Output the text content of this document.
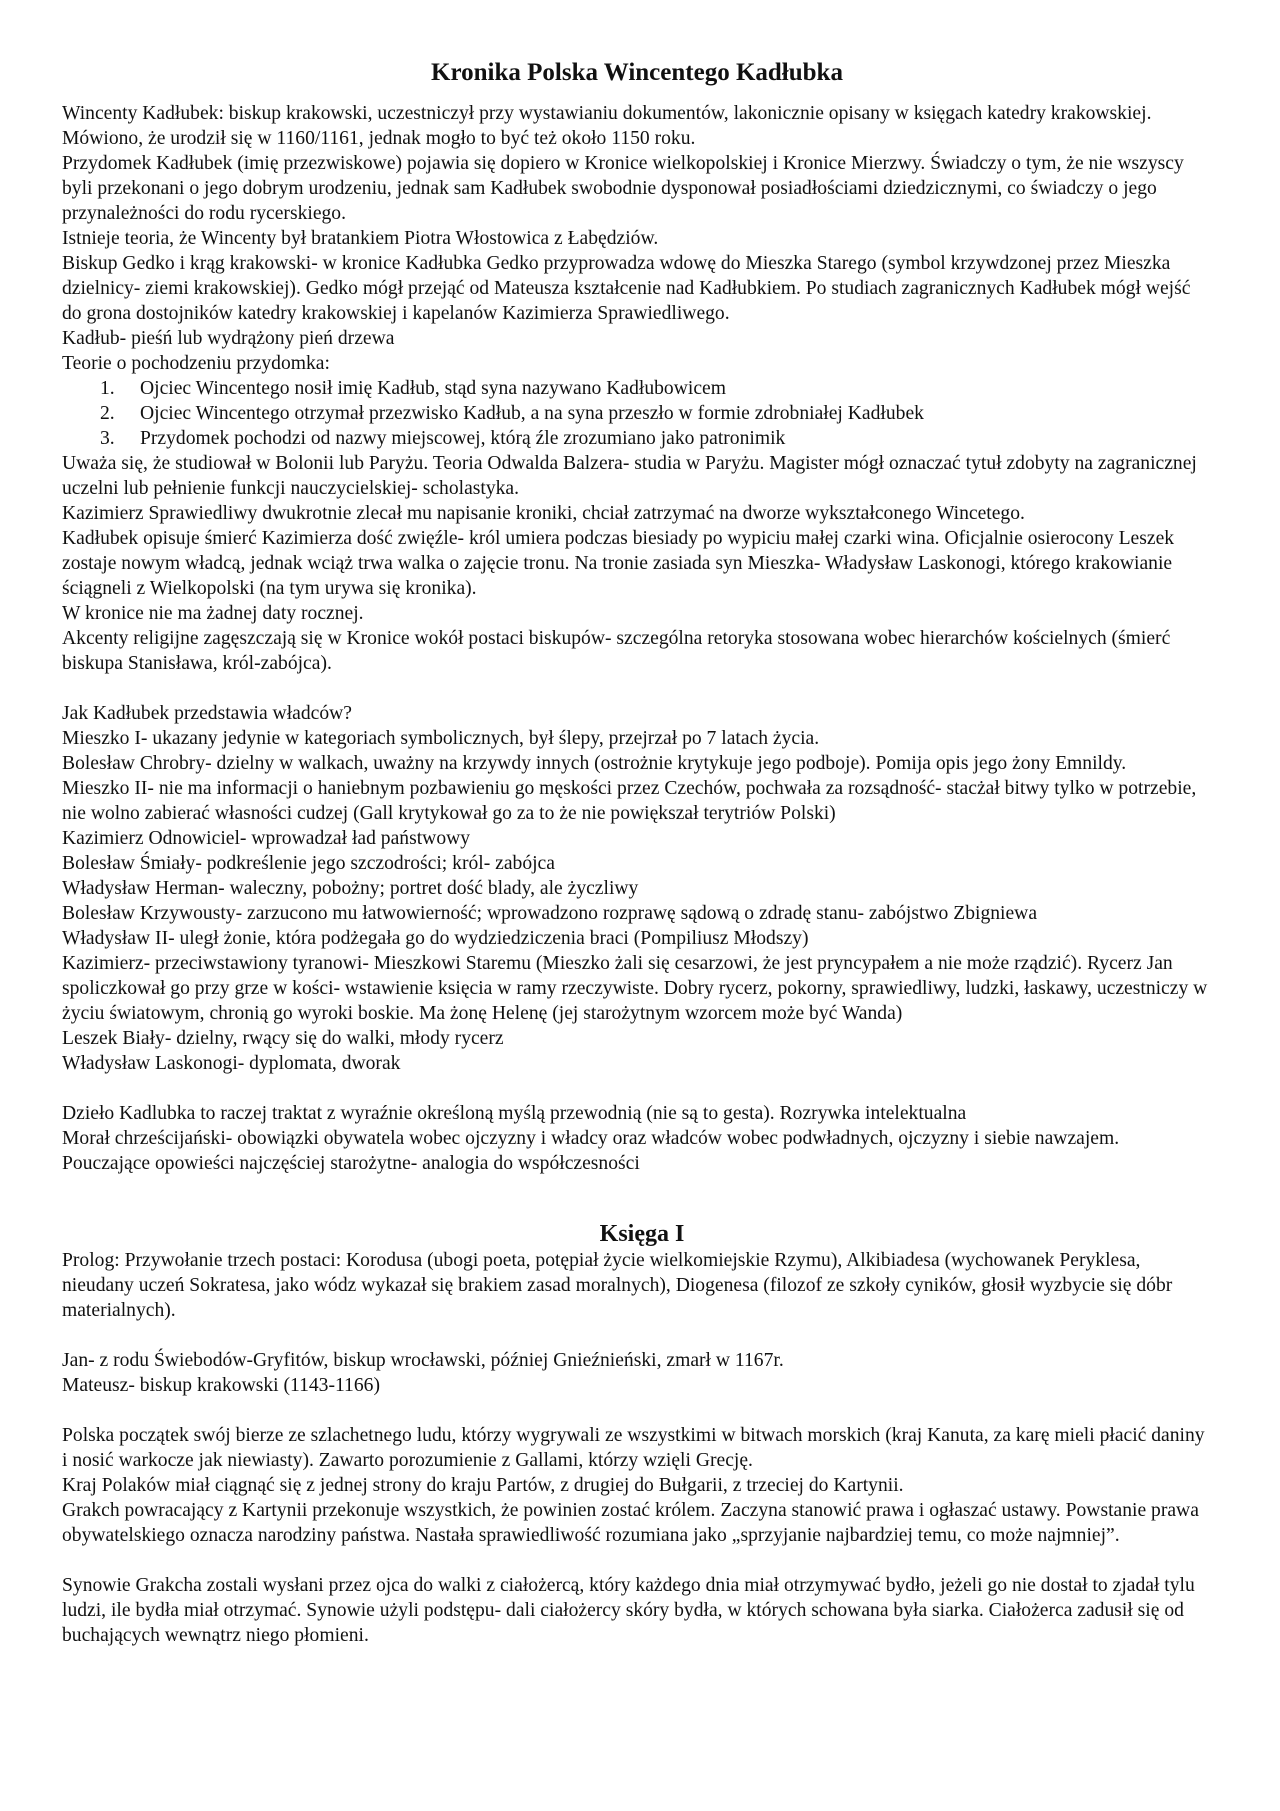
Kronika Polska Wincentego Kadłubka

Wincenty Kadłubek: biskup krakowski, uczestniczył przy wystawianiu dokumentów, lakonicznie opisany w księgach katedry krakowskiej. Mówiono, że urodził się w 1160/1161, jednak mogło to być też około 1150 roku.

Przydomek Kadłubek (imię przezwiskowe) pojawia się dopiero w Kronice wielkopolskiej i Kronice Mierzwy. Świadczy o tym, że nie wszyscy byli przekonani o jego dobrym urodzeniu, jednak sam Kadłubek swobodnie dysponował posiadłościami dziedzicznymi, co świadczy o jego przynależności do rodu rycerskiego.

Istnieje teoria, że Wincenty był bratankiem Piotra Włostowica z Łabędziów.

Biskup Gedko i krąg krakowski- w kronice Kadłubka Gedko przyprowadza wdowę do Mieszka Starego (symbol krzywdzonej przez Mieszka dzielnicy- ziemi krakowskiej). Gedko mógł przejąć od Mateusza kształcenie nad Kadłubkiem. Po studiach zagranicznych Kadłubek mógł wejść do grona dostojników katedry krakowskiej i kapelanów Kazimierza Sprawiedliwego.

Kadłub- pieśń lub wydrążony pień drzewa

Teorie o pochodzeniu przydomka:

1. Ojciec Wincentego nosił imię Kadłub, stąd syna nazywano Kadłubowicem
2. Ojciec Wincentego otrzymał przezwisko Kadłub, a na syna przeszło w formie zdrobniałej Kadłubek
3. Przydomek pochodzi od nazwy miejscowej, którą źle zrozumiano jako patronimik

Uważa się, że studiował w Bolonii lub Paryżu. Teoria Odwalda Balzera- studia w Paryżu. Magister mógł oznaczać tytuł zdobyty na zagranicznej uczelni lub pełnienie funkcji nauczycielskiej- scholastyka.

Kazimierz Sprawiedliwy dwukrotnie zlecał mu napisanie kroniki, chciał zatrzymać na dworze wykształconego Wincetego.

Kadłubek opisuje śmierć Kazimierza dość zwięźle- król umiera podczas biesiady po wypiciu małej czarki wina. Oficjalnie osierocony Leszek zostaje nowym władcą, jednak wciąż trwa walka o zajęcie tronu. Na tronie zasiada syn Mieszka- Władysław Laskonogi, którego krakowianie ściągneli z Wielkopolski (na tym urywa się kronika).

W kronice nie ma żadnej daty rocznej.

Akcenty religijne zagęszczają się w Kronice wokół postaci biskupów- szczególna retoryka stosowana wobec hierarchów kościelnych (śmierć biskupa Stanisława, król-zabójca).

Jak Kadłubek przedstawia władców?

Mieszko I- ukazany jedynie w kategoriach symbolicznych, był ślepy, przejrzał po 7 latach życia.

Bolesław Chrobry- dzielny w walkach, uważny na krzywdy innych (ostrożnie krytykuje jego podboje). Pomija opis jego żony Emnildy.

Mieszko II- nie ma informacji o haniebnym pozbawieniu go męskości przez Czechów, pochwała za rozsądność- stacżał bitwy tylko w potrzebie, nie wolno zabierać własności cudzej (Gall krytykował go za to że nie powiększał terytriów Polski)

Kazimierz Odnowiciel- wprowadzał ład państwowy

Bolesław Śmiały- podkreślenie jego szczodrości; król- zabójca

Władysław Herman- waleczny, pobożny; portret dość blady, ale życzliwy

Bolesław Krzywousty- zarzucono mu łatwowierność; wprowadzono rozprawę sądową o zdradę stanu- zabójstwo Zbigniewa

Władysław II- uległ żonie, która podżegała go do wydziedziczenia braci (Pompiliusz Młodszy)

Kazimierz- przeciwstawiony tyranowi- Mieszkowi Staremu (Mieszko żali się cesarzowi, że jest pryncypałem a nie może rządzić). Rycerz Jan spoliczkował go przy grze w kości- wstawienie księcia w ramy rzeczywiste. Dobry rycerz, pokorny, sprawiedliwy, ludzki, łaskawy, uczestniczy w życiu światowym, chronią go wyroki boskie. Ma żonę Helenę (jej starożytnym wzorcem może być Wanda)

Leszek Biały- dzielny, rwący się do walki, młody rycerz

Władysław Laskonogi- dyplomata, dworak

Dzieło Kadlubka to raczej traktat z wyraźnie określoną myślą przewodnią (nie są to gesta). Rozrywka intelektualna

Morał chrześcijański- obowiązki obywatela wobec ojczyzny i władcy oraz władców wobec podwładnych, ojczyzny i siebie nawzajem. Pouczające opowieści najczęściej starożytne- analogia do współczesności

Księga I

Prolog: Przywołanie trzech postaci: Korodusa (ubogi poeta, potępiał życie wielkomiejskie Rzymu), Alkibiadesa (wychowanek Peryklesa, nieudany uczeń Sokratesa, jako wódz wykazał się brakiem zasad moralnych), Diogenesa (filozof ze szkoły cyników, głosił wyzbycie się dóbr materialnych).

Jan- z rodu Świebodów-Gryfitów, biskup wrocławski, później Gnieźnieński, zmarł w 1167r.

Mateusz- biskup krakowski (1143-1166)

Polska początek swój bierze ze szlachetnego ludu, którzy wygrywali ze wszystkimi w bitwach morskich (kraj Kanuta, za karę mieli płacić daniny i nosić warkocze jak niewiasty). Zawarto porozumienie z Gallami, którzy wzięli Grecję.

Kraj Polaków miał ciągnąć się z jednej strony do kraju Partów, z drugiej do Bułgarii, z trzeciej do Kartynii.

Grakch powracający z Kartynii przekonuje wszystkich, że powinien zostać królem. Zaczyna stanowić prawa i ogłaszać ustawy. Powstanie prawa obywatelskiego oznacza narodziny państwa. Nastała sprawiedliwość rozumiana jako „sprzyjanie najbardziej temu, co może najmniej”.

Synowie Grakcha zostali wysłani przez ojca do walki z ciałożercą, który każdego dnia miał otrzymywać bydło, jeżeli go nie dostał to zjadał tylu ludzi, ile bydła miał otrzymać. Synowie użyli podstępu- dali ciałożercy skóry bydła, w których schowana była siarka. Ciałożerca zadusił się od buchających wewnątrz niego płomieni.
